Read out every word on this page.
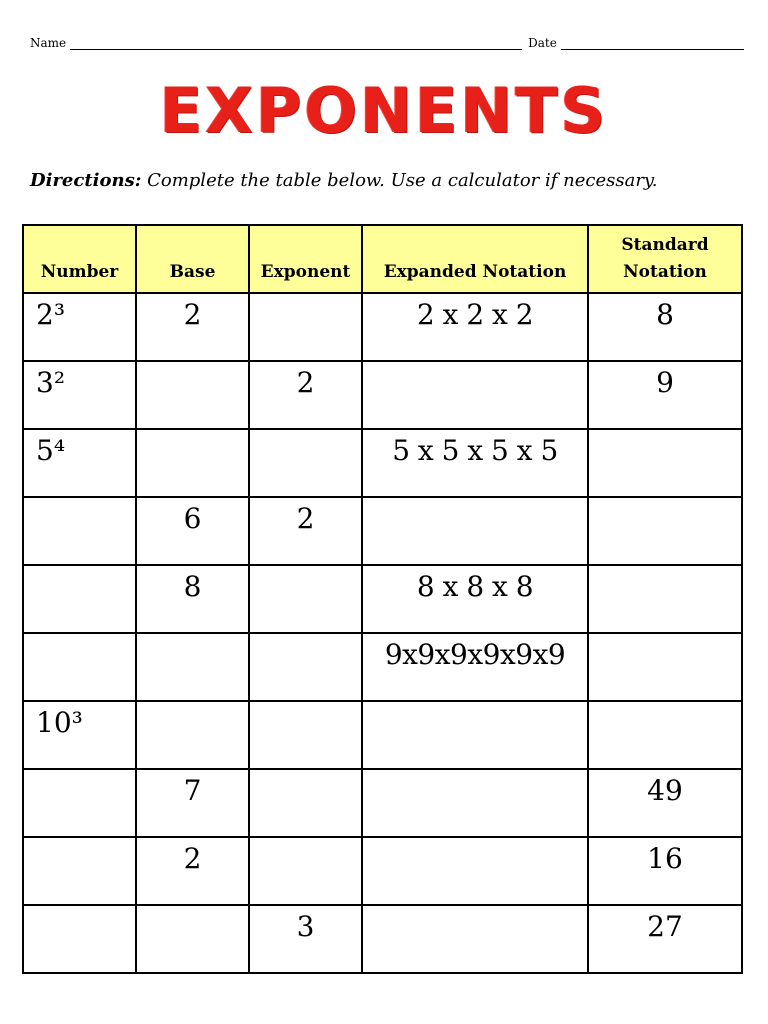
Name	Date
EXPONENTS
Directions: Complete the table below. Use a calculator if necessary.
Number	Base	Exponent	Expanded Notation	Standard
Notation
2³	2		2 x 2 x 2	8
3²		2		9
5⁴			5 x 5 x 5 x 5	
	6	2		
	8		8 x 8 x 8	
			9x9x9x9x9x9	
10³				
	7			49
	2			16
		3		27
